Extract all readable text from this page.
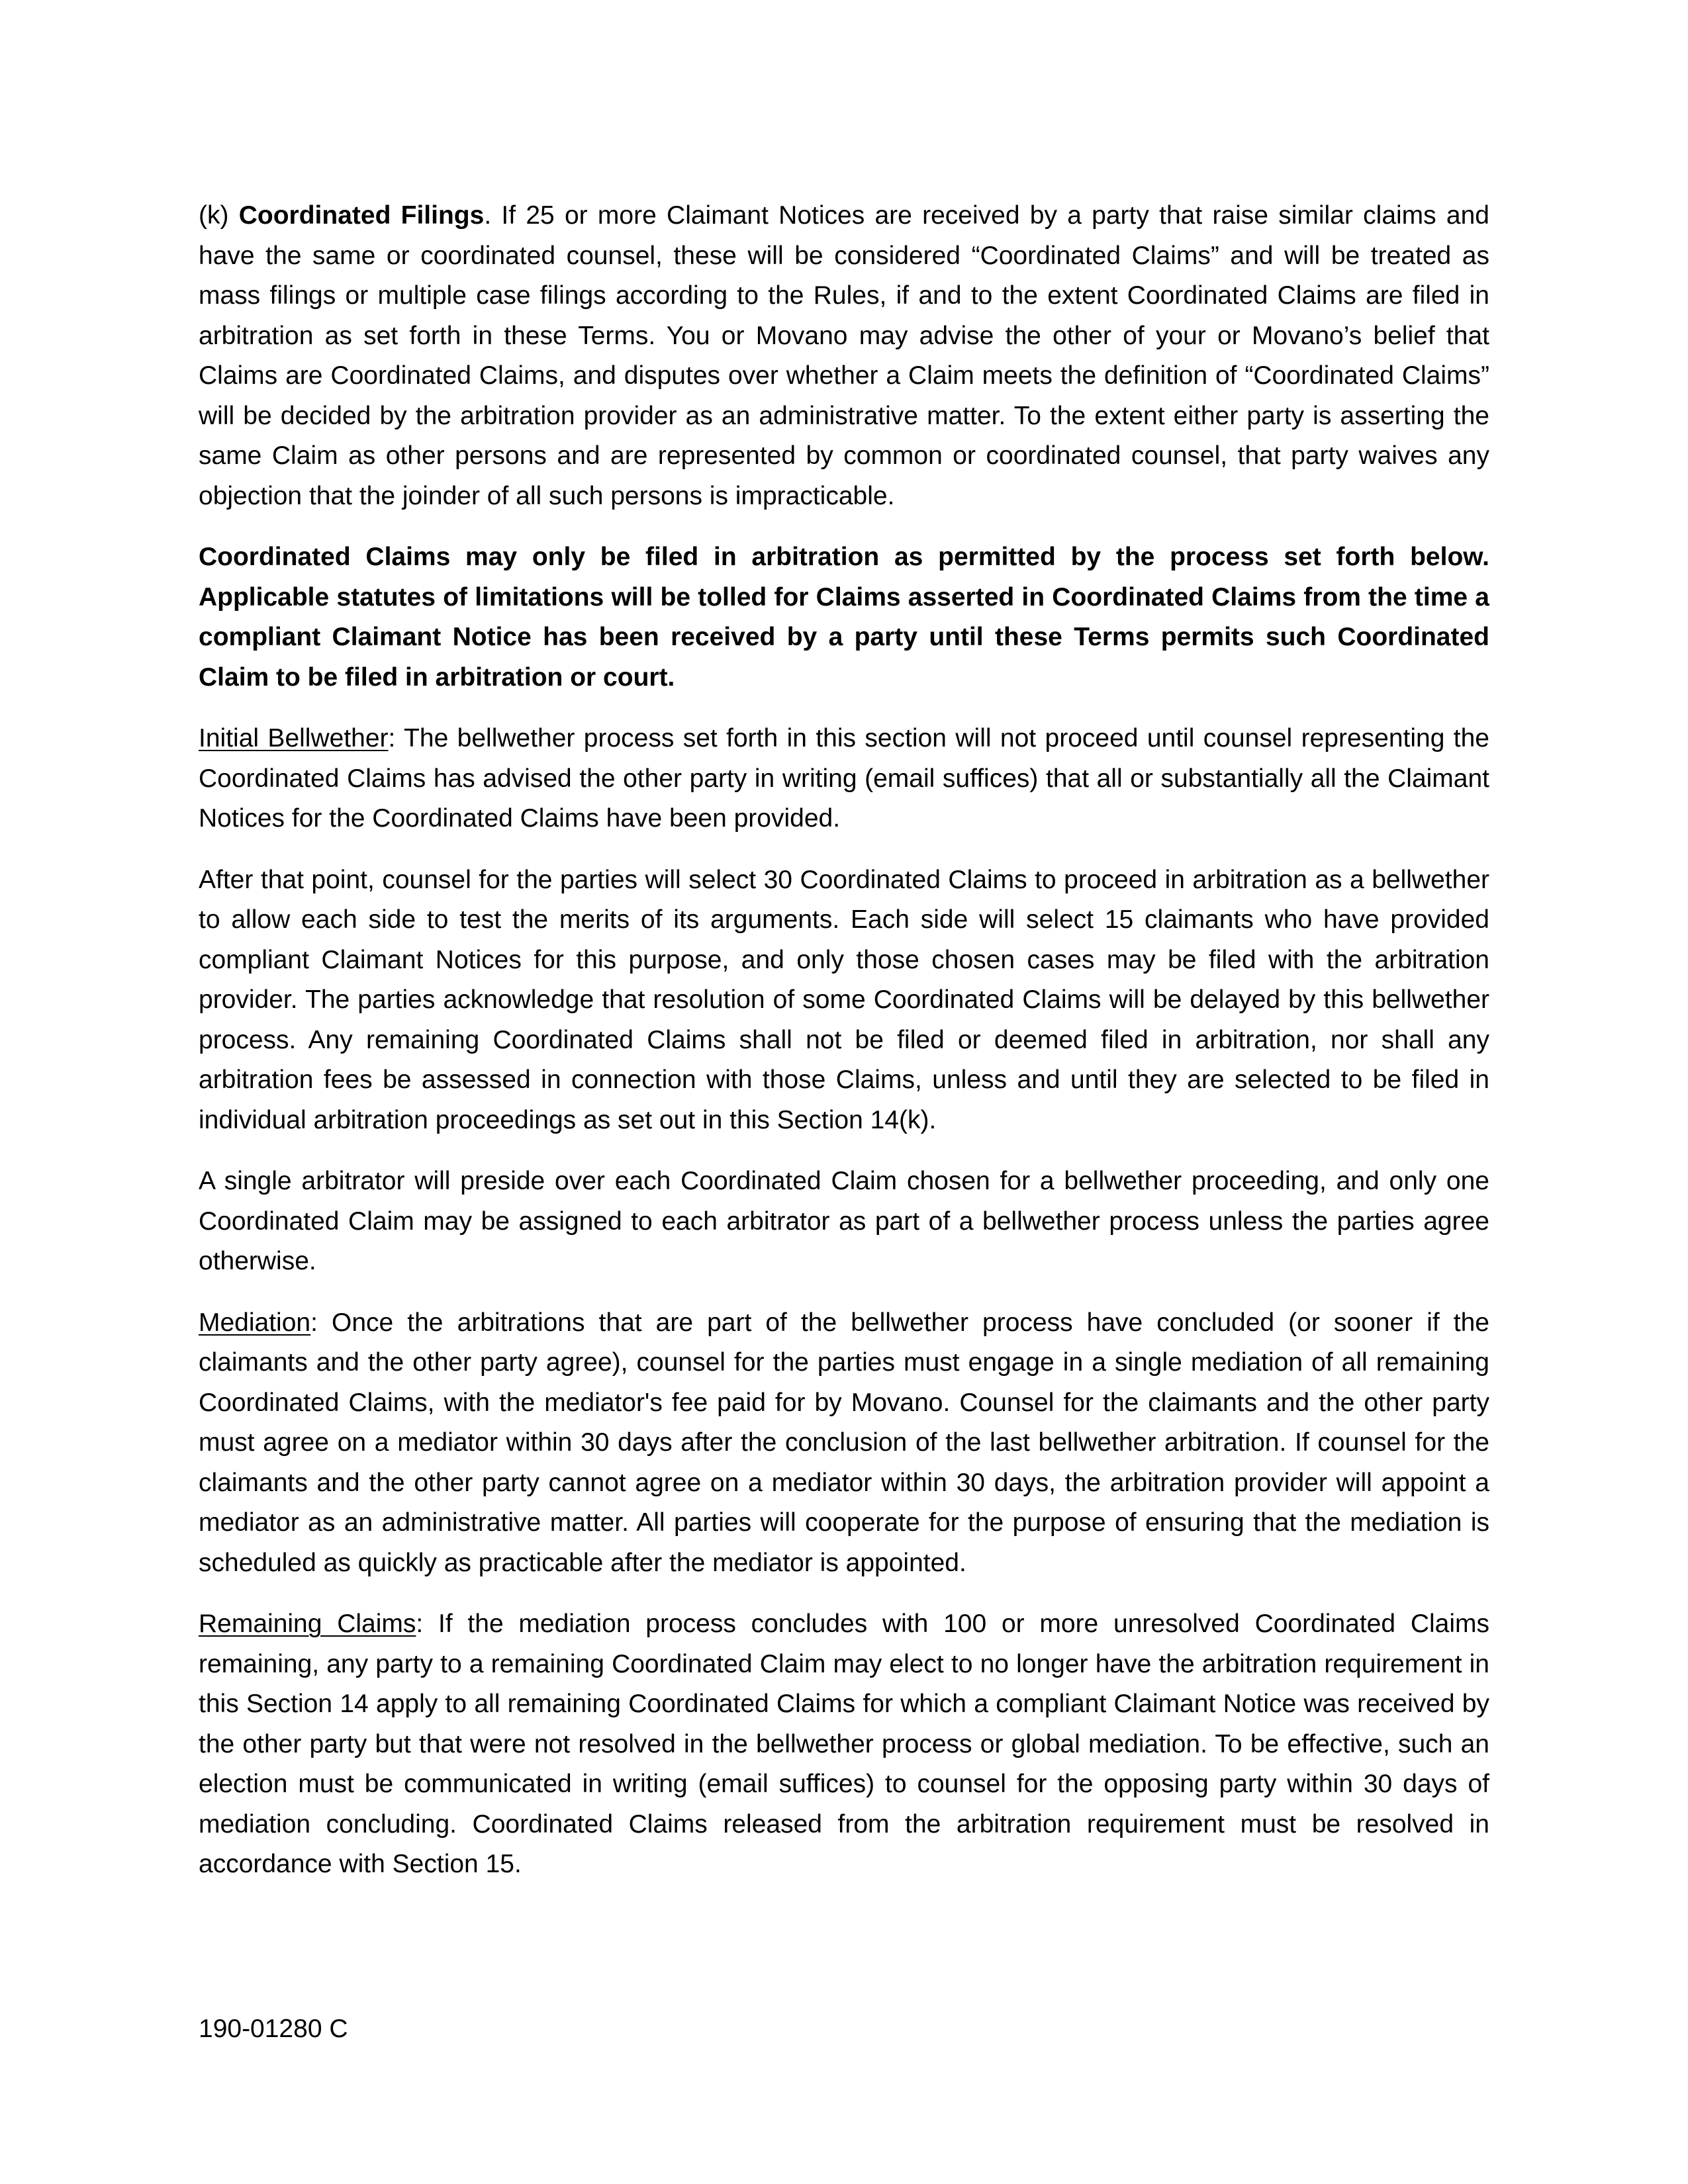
(k) Coordinated Filings. If 25 or more Claimant Notices are received by a party that raise similar claims and have the same or coordinated counsel, these will be considered “Coordinated Claims” and will be treated as mass filings or multiple case filings according to the Rules, if and to the extent Coordinated Claims are filed in arbitration as set forth in these Terms. You or Movano may advise the other of your or Movano’s belief that Claims are Coordinated Claims, and disputes over whether a Claim meets the definition of “Coordinated Claims” will be decided by the arbitration provider as an administrative matter. To the extent either party is asserting the same Claim as other persons and are represented by common or coordinated counsel, that party waives any objection that the joinder of all such persons is impracticable.

Coordinated Claims may only be filed in arbitration as permitted by the process set forth below. Applicable statutes of limitations will be tolled for Claims asserted in Coordinated Claims from the time a compliant Claimant Notice has been received by a party until these Terms permits such Coordinated Claim to be filed in arbitration or court.

Initial Bellwether: The bellwether process set forth in this section will not proceed until counsel representing the Coordinated Claims has advised the other party in writing (email suffices) that all or substantially all the Claimant Notices for the Coordinated Claims have been provided.

After that point, counsel for the parties will select 30 Coordinated Claims to proceed in arbitration as a bellwether to allow each side to test the merits of its arguments. Each side will select 15 claimants who have provided compliant Claimant Notices for this purpose, and only those chosen cases may be filed with the arbitration provider. The parties acknowledge that resolution of some Coordinated Claims will be delayed by this bellwether process. Any remaining Coordinated Claims shall not be filed or deemed filed in arbitration, nor shall any arbitration fees be assessed in connection with those Claims, unless and until they are selected to be filed in individual arbitration proceedings as set out in this Section 14(k).

A single arbitrator will preside over each Coordinated Claim chosen for a bellwether proceeding, and only one Coordinated Claim may be assigned to each arbitrator as part of a bellwether process unless the parties agree otherwise.

Mediation: Once the arbitrations that are part of the bellwether process have concluded (or sooner if the claimants and the other party agree), counsel for the parties must engage in a single mediation of all remaining Coordinated Claims, with the mediator's fee paid for by Movano. Counsel for the claimants and the other party must agree on a mediator within 30 days after the conclusion of the last bellwether arbitration. If counsel for the claimants and the other party cannot agree on a mediator within 30 days, the arbitration provider will appoint a mediator as an administrative matter. All parties will cooperate for the purpose of ensuring that the mediation is scheduled as quickly as practicable after the mediator is appointed.

Remaining Claims: If the mediation process concludes with 100 or more unresolved Coordinated Claims remaining, any party to a remaining Coordinated Claim may elect to no longer have the arbitration requirement in this Section 14 apply to all remaining Coordinated Claims for which a compliant Claimant Notice was received by the other party but that were not resolved in the bellwether process or global mediation. To be effective, such an election must be communicated in writing (email suffices) to counsel for the opposing party within 30 days of mediation concluding. Coordinated Claims released from the arbitration requirement must be resolved in accordance with Section 15.

190-01280 C
